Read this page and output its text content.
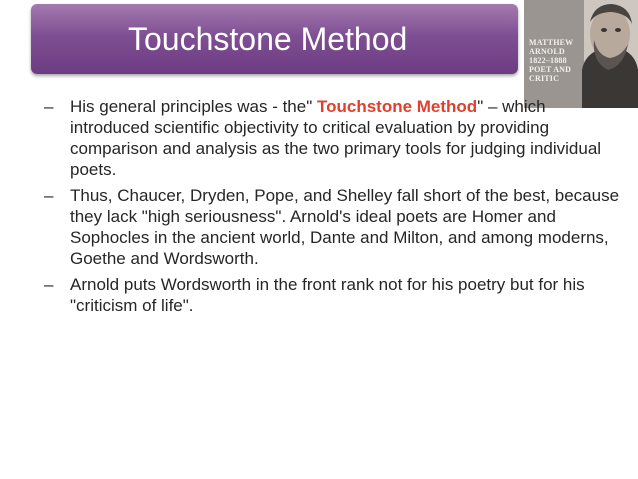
Touchstone Method	MATTHEW
ARNOLD
1822–1888
POET AND
CRITIC
– His general principles was - the" Touchstone Method" – which introduced scientific objectivity to critical evaluation by providing comparison and analysis as the two primary tools for judging individual poets.
– Thus, Chaucer, Dryden, Pope, and Shelley fall short of the best, because they lack "high seriousness". Arnold's ideal poets are Homer and Sophocles in the ancient world, Dante and Milton, and among moderns, Goethe and Wordsworth.
– Arnold puts Wordsworth in the front rank not for his poetry but for his "criticism of life".
